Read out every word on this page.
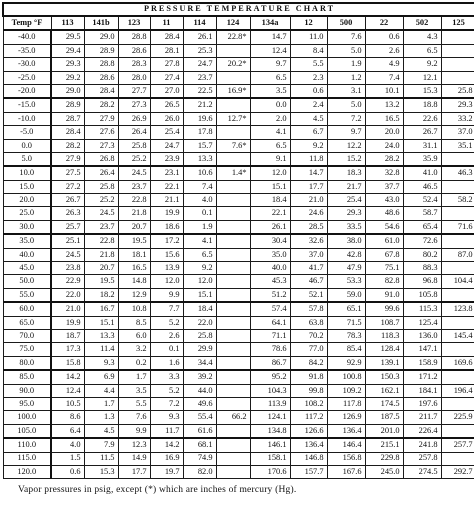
PRESSURE TEMPERATURE CHART												
Temp °F	113	141b	123	11	114	124	134a	12	500	22	502	125
-40.0	29.5	29.0	28.8	28.4	26.1	22.8*	14.7	11.0	7.6	0.6	4.3	
-35.0	29.4	28.9	28.6	28.1	25.3		12.4	8.4	5.0	2.6	6.5	
-30.0	29.3	28.8	28.3	27.8	24.7	20.2*	9.7	5.5	1.9	4.9	9.2	
-25.0	29.2	28.6	28.0	27.4	23.7		6.5	2.3	1.2	7.4	12.1	
-20.0	29.0	28.4	27.7	27.0	22.5	16.9*	3.5	0.6	3.1	10.1	15.3	25.8
-15.0	28.9	28.2	27.3	26.5	21.2		0.0	2.4	5.0	13.2	18.8	29.3
-10.0	28.7	27.9	26.9	26.0	19.6	12.7*	2.0	4.5	7.2	16.5	22.6	33.2
-5.0	28.4	27.6	26.4	25.4	17.8		4.1	6.7	9.7	20.0	26.7	37.0
0.0	28.2	27.3	25.8	24.7	15.7	7.6*	6.5	9.2	12.2	24.0	31.1	35.1
5.0	27.9	26.8	25.2	23.9	13.3		9.1	11.8	15.2	28.2	35.9	
10.0	27.5	26.4	24.5	23.1	10.6	1.4*	12.0	14.7	18.3	32.8	41.0	46.3
15.0	27.2	25.8	23.7	22.1	7.4		15.1	17.7	21.7	37.7	46.5	
20.0	26.7	25.2	22.8	21.1	4.0		18.4	21.0	25.4	43.0	52.4	58.2
25.0	26.3	24.5	21.8	19.9	0.1		22.1	24.6	29.3	48.6	58.7	
30.0	25.7	23.7	20.7	18.6	1.9		26.1	28.5	33.5	54.6	65.4	71.6
35.0	25.1	22.8	19.5	17.2	4.1		30.4	32.6	38.0	61.0	72.6	
40.0	24.5	21.8	18.1	15.6	6.5		35.0	37.0	42.8	67.8	80.2	87.0
45.0	23.8	20.7	16.5	13.9	9.2		40.0	41.7	47.9	75.1	88.3	
50.0	22.9	19.5	14.8	12.0	12.0		45.3	46.7	53.3	82.8	96.8	104.4
55.0	22.0	18.2	12.9	9.9	15.1		51.2	52.1	59.0	91.0	105.8	
60.0	21.0	16.7	10.8	7.7	18.4		57.4	57.8	65.1	99.6	115.3	123.8
65.0	19.9	15.1	8.5	5.2	22.0		64.1	63.8	71.5	108.7	125.4	
70.0	18.7	13.3	6.0	2.6	25.8		71.1	70.2	78.3	118.3	136.0	145.4
75.0	17.3	11.4	3.2	0.1	29.9		78.6	77.0	85.4	128.4	147.1	
80.0	15.8	9.3	0.2	1.6	34.4		86.7	84.2	92.9	139.1	158.9	169.6
85.0	14.2	6.9	1.7	3.3	39.2		95.2	91.8	100.8	150.3	171.2	
90.0	12.4	4.4	3.5	5.2	44.0		104.3	99.8	109.2	162.1	184.1	196.4
95.0	10.5	1.7	5.5	7.2	49.6		113.9	108.2	117.8	174.5	197.6	
100.0	8.6	1.3	7.6	9.3	55.4	66.2	124.1	117.2	126.9	187.5	211.7	225.9
105.0	6.4	4.5	9.9	11.7	61.6		134.8	126.6	136.4	201.0	226.4	
110.0	4.0	7.9	12.3	14.2	68.1		146.1	136.4	146.4	215.1	241.8	257.7
115.0	1.5	11.5	14.9	16.9	74.9		158.1	146.8	156.8	229.8	257.8	
120.0	0.6	15.3	17.7	19.7	82.0		170.6	157.7	167.6	245.0	274.5	292.7
Vapor pressures in psig, except (*) which are inches of mercury (Hg).
